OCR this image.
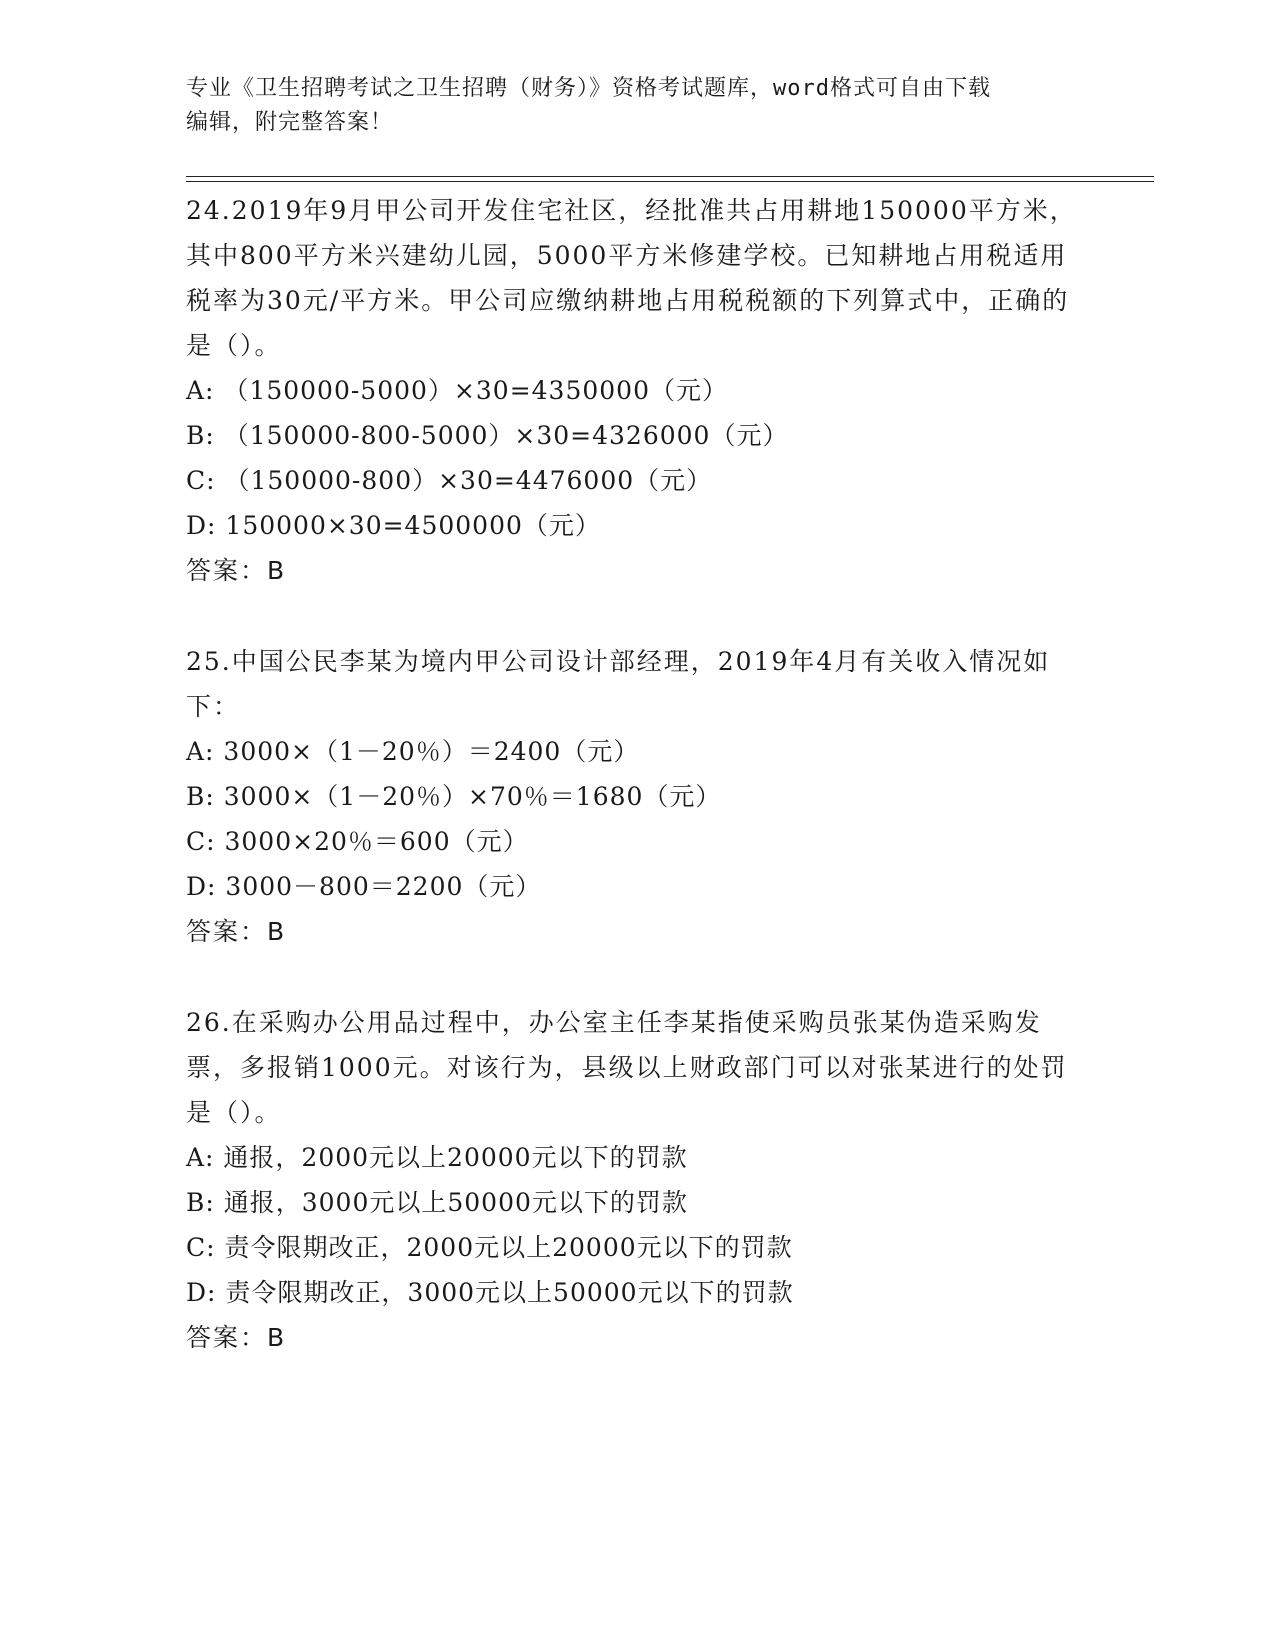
专业《卫生招聘考试之卫生招聘（财务）》资格考试题库，word格式可自由下载
编辑，附完整答案！

24.2019年9月甲公司开发住宅社区，经批准共占用耕地150000平方米，其中800平方米兴建幼儿园，5000平方米修建学校。已知耕地占用税适用税率为30元/平方米。甲公司应缴纳耕地占用税税额的下列算式中，正确的是（）。

A: （150000-5000）×30=4350000（元）

B: （150000-800-5000）×30=4326000（元）

C: （150000-800）×30=4476000（元）

D: 150000×30=4500000（元）

答案：B

25.中国公民李某为境内甲公司设计部经理，2019年4月有关收入情况如下：

A: 3000×（1－20％）＝2400（元）

B: 3000×（1－20％）×70％＝1680（元）

C: 3000×20％＝600（元）

D: 3000－800＝2200（元）

答案：B

26.在采购办公用品过程中，办公室主任李某指使采购员张某伪造采购发票，多报销1000元。对该行为，县级以上财政部门可以对张某进行的处罚是（）。

A: 通报，2000元以上20000元以下的罚款

B: 通报，3000元以上50000元以下的罚款

C: 责令限期改正，2000元以上20000元以下的罚款

D: 责令限期改正，3000元以上50000元以下的罚款

答案：B
